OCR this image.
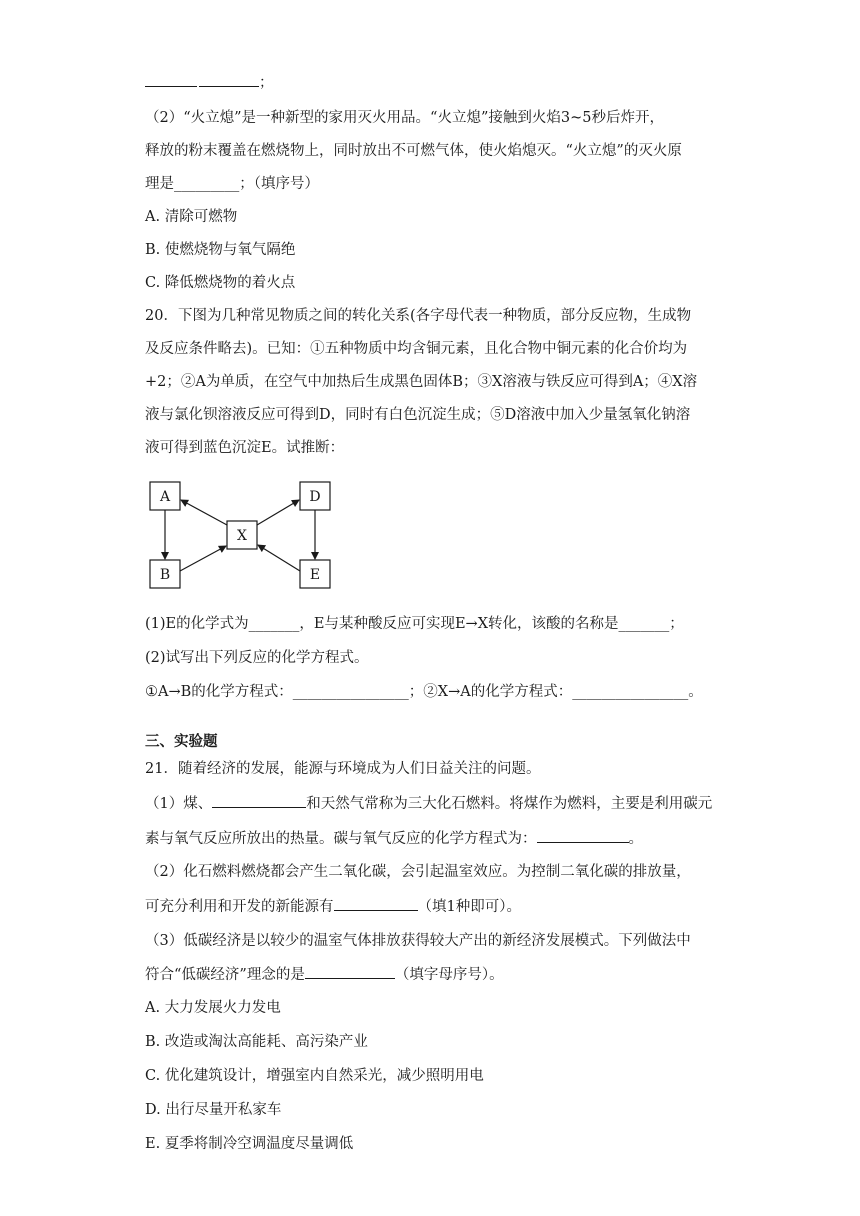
；
（2）“火立熄”是一种新型的家用灭火用品。“火立熄”接触到火焰3~5秒后炸开，
释放的粉末覆盖在燃烧物上，同时放出不可燃气体，使火焰熄灭。“火立熄”的灭火原
理是_________；（填序号）
A. 清除可燃物
B. 使燃烧物与氧气隔绝
C. 降低燃烧物的着火点
20．下图为几种常见物质之间的转化关系(各字母代表一种物质，部分反应物，生成物
及反应条件略去)。已知：①五种物质中均含铜元素，且化合物中铜元素的化合价均为
+2；②A为单质，在空气中加热后生成黑色固体B；③X溶液与铁反应可得到A；④X溶
液与氯化钡溶液反应可得到D，同时有白色沉淀生成；⑤D溶液中加入少量氢氧化钠溶
液可得到蓝色沉淀E。试推断：
A
B
X
D
E
(1)E的化学式为_______，E与某种酸反应可实现E→X转化，该酸的名称是_______；
(2)试写出下列反应的化学方程式。
①A→B的化学方程式：________________；②X→A的化学方程式：________________。
三、实验题
21．随着经济的发展，能源与环境成为人们日益关注的问题。
（1）煤、	和天然气常称为三大化石燃料。将煤作为燃料，主要是利用碳元
素与氧气反应所放出的热量。碳与氧气反应的化学方程式为：	。
（2）化石燃料燃烧都会产生二氧化碳，会引起温室效应。为控制二氧化碳的排放量，
可充分利用和开发的新能源有	（填1种即可）。
（3）低碳经济是以较少的温室气体排放获得较大产出的新经济发展模式。下列做法中
符合“低碳经济”理念的是	（填字母序号）。
A. 大力发展火力发电
B. 改造或淘汰高能耗、高污染产业
C. 优化建筑设计，增强室内自然采光，减少照明用电
D. 出行尽量开私家车
E. 夏季将制冷空调温度尽量调低
